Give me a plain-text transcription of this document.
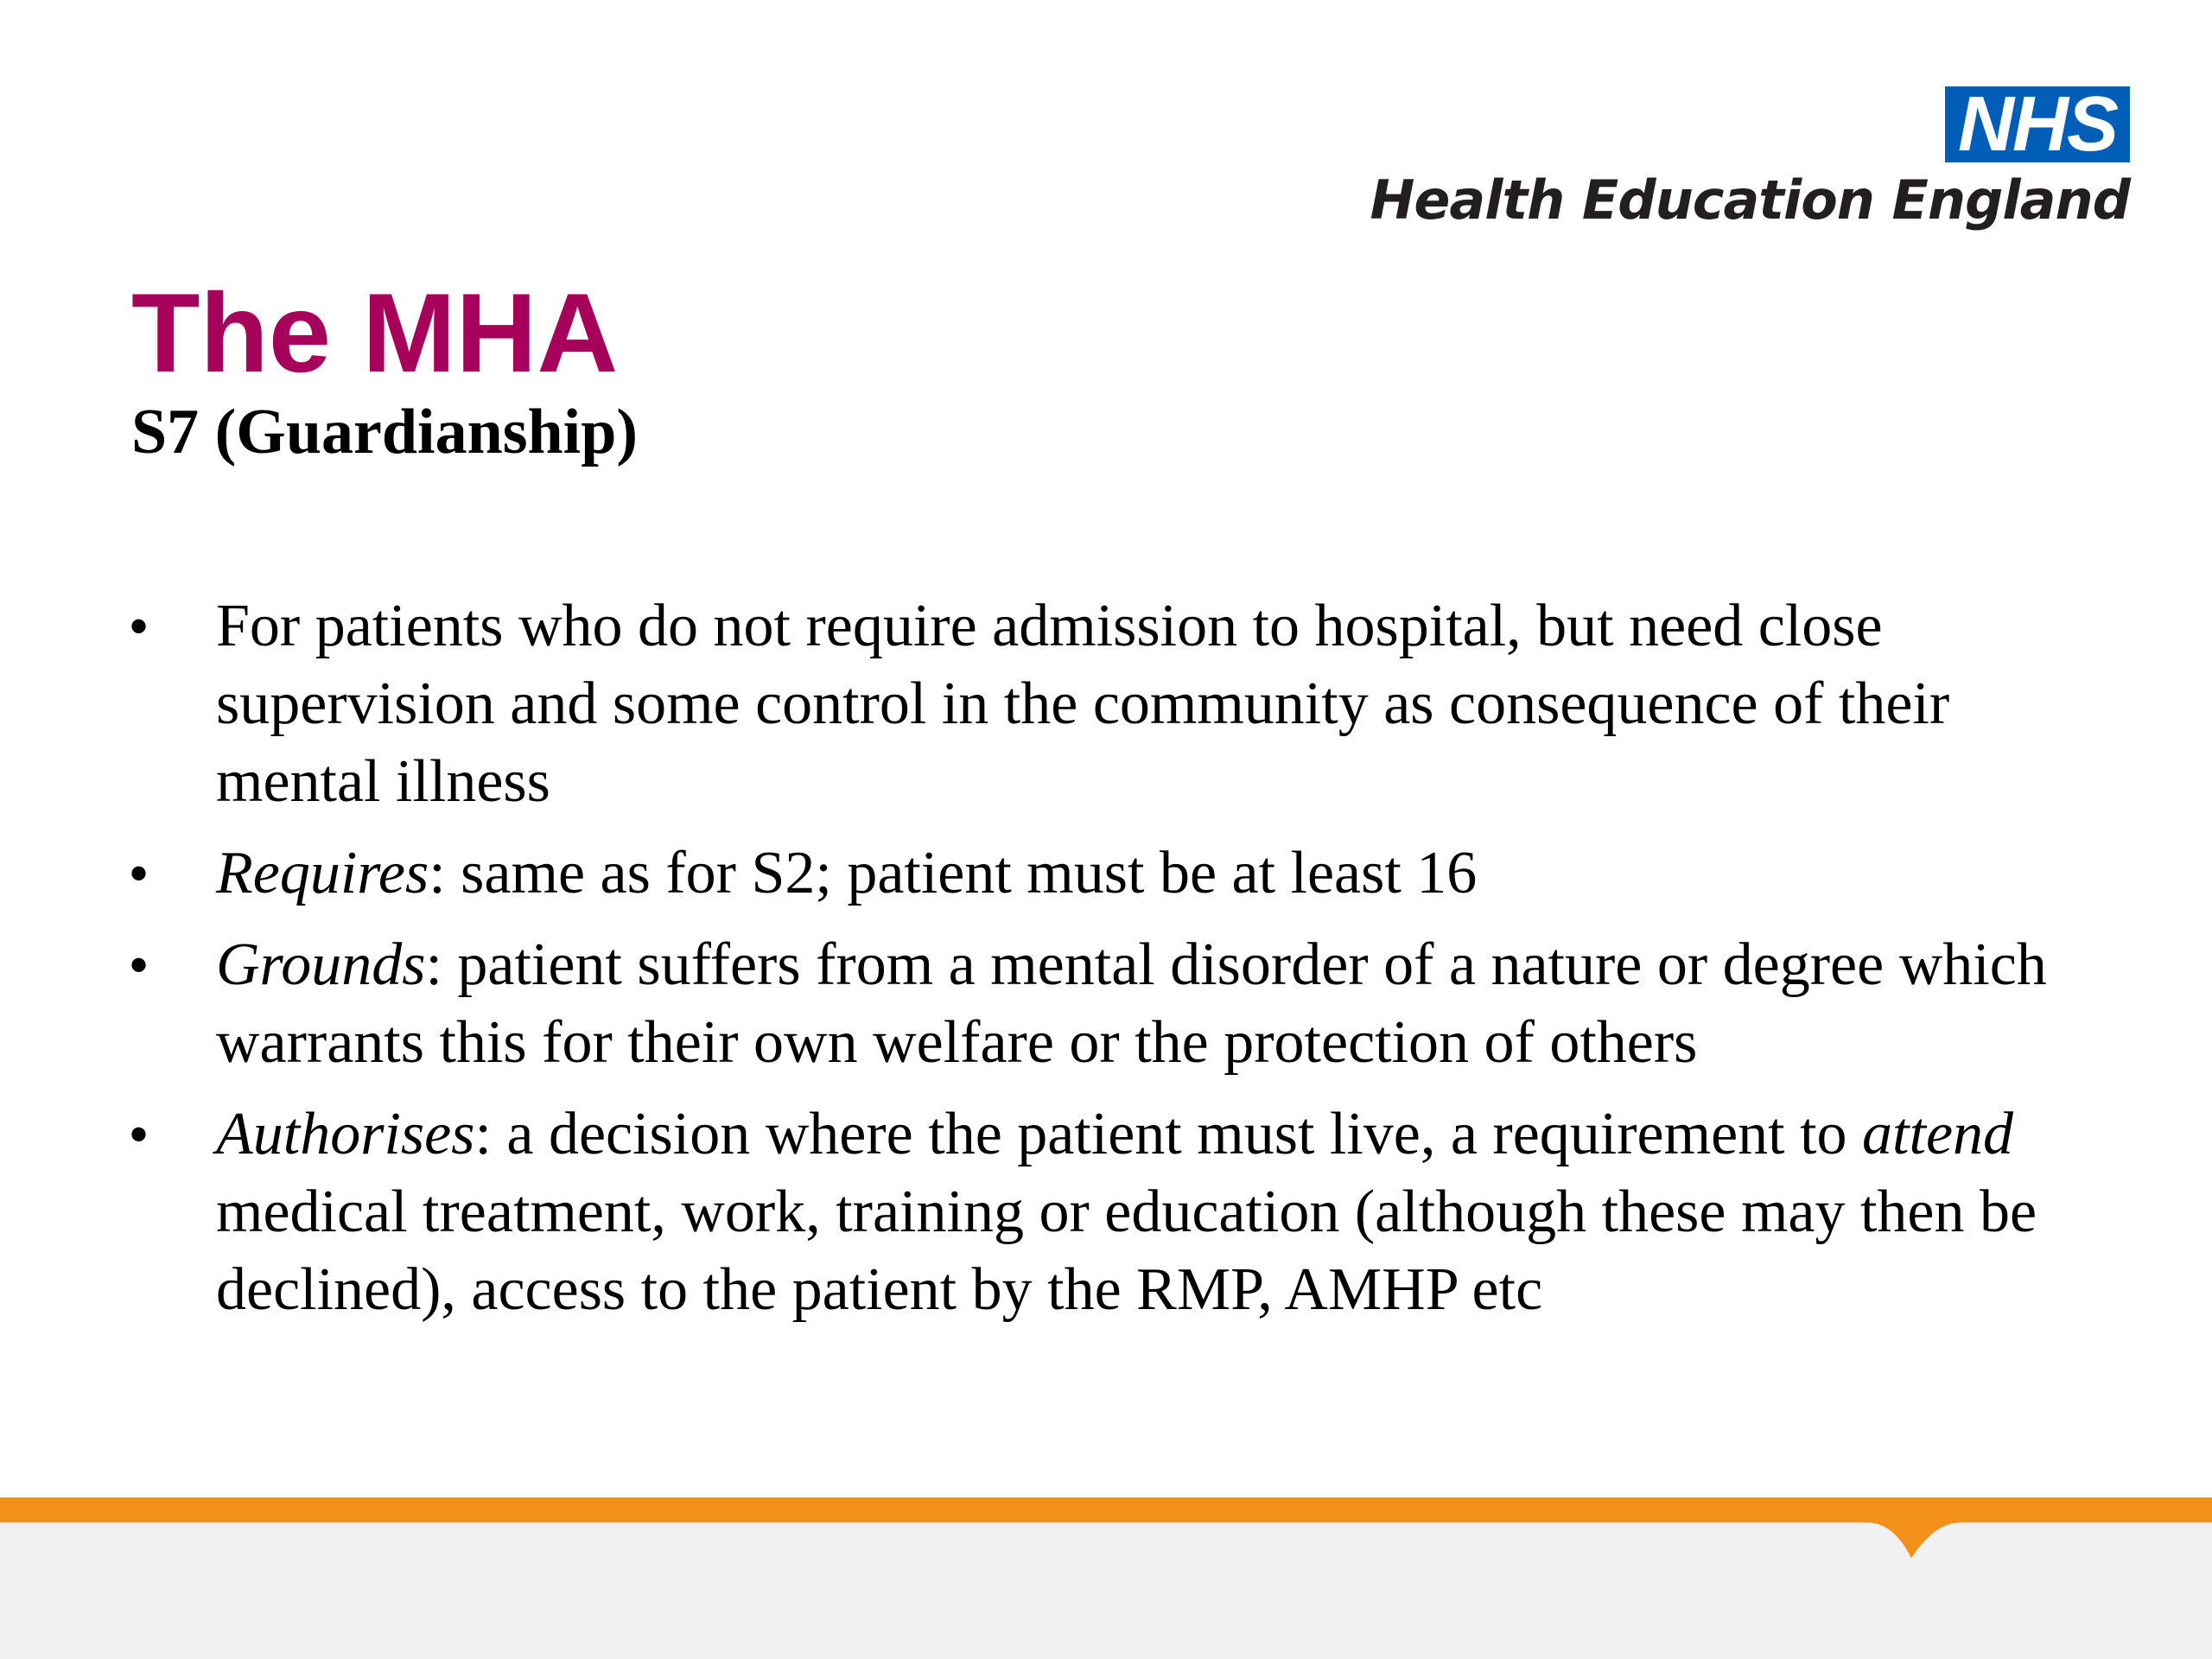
NHS
Health Education England
The MHA
S7 (Guardianship)
• For patients who do not require admission to hospital, but need close supervision and some control in the community as consequence of their mental illness
• Requires: same as for S2; patient must be at least 16
• Grounds: patient suffers from a mental disorder of a nature or degree which warrants this for their own welfare or the protection of others
• Authorises: a decision where the patient must live, a requirement to attend medical treatment, work, training or education (although these may then be declined), access to the patient by the RMP, AMHP etc
